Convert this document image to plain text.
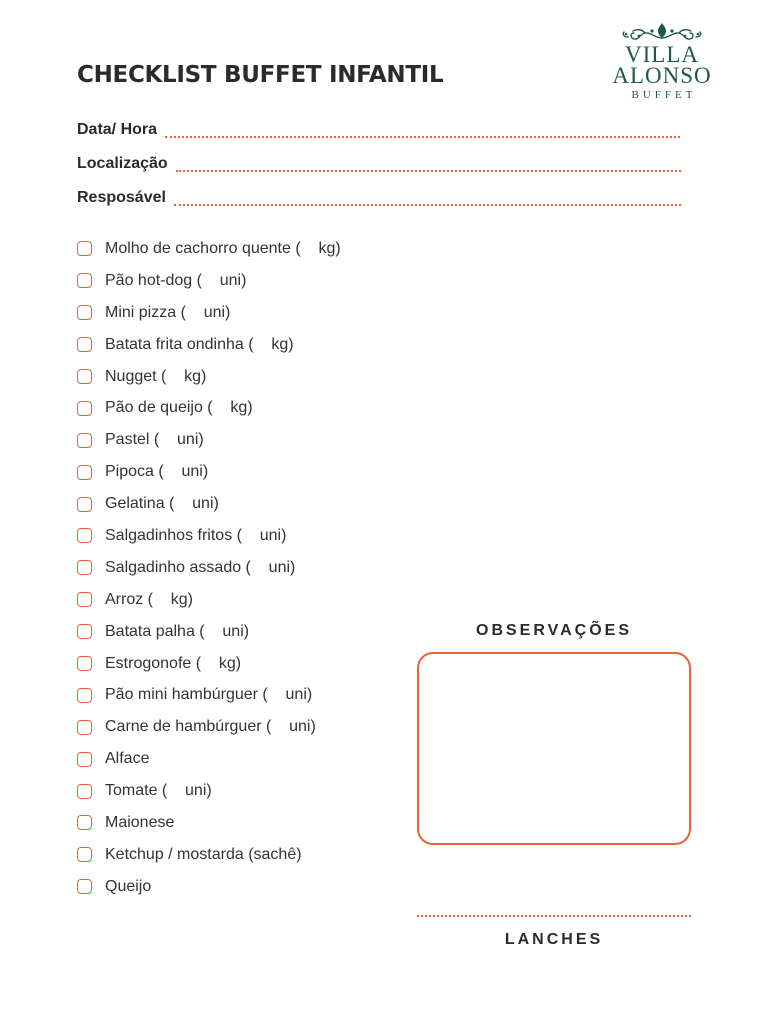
CHECKLIST BUFFET INFANTIL
VILLA
ALONSO
BUFFET
Data/ Hora
Localização
Resposável
Molho de cachorro quente (    kg)
Pão hot-dog (    uni)
Mini pizza (    uni)
Batata frita ondinha (    kg)
Nugget (    kg)
Pão de queijo (    kg)
Pastel (    uni)
Pipoca (    uni)
Gelatina (    uni)
Salgadinhos fritos (    uni)
Salgadinho assado (    uni)
Arroz (    kg)
Batata palha (    uni)
Estrogonofe (    kg)
Pão mini hambúrguer (    uni)
Carne de hambúrguer (    uni)
Alface
Tomate (    uni)
Maionese
Ketchup / mostarda (sachê)
Queijo
OBSERVAÇÕES
LANCHES
